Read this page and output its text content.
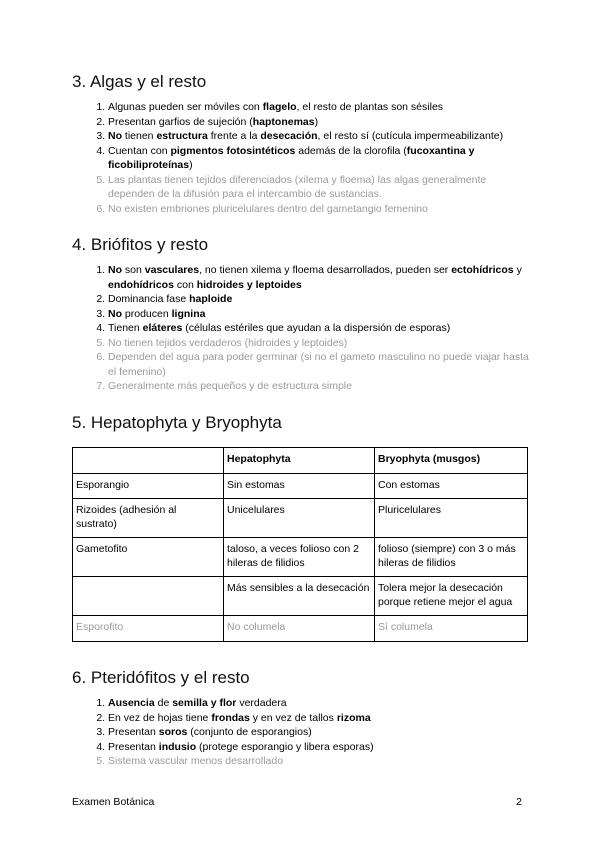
3. Algas y el resto
1. Algunas pueden ser móviles con flagelo, el resto de plantas son sésiles
2. Presentan garfios de sujeción (haptonemas)
3. No tienen estructura frente a la desecación, el resto sí (cutícula impermeabilizante)
4. Cuentan con pigmentos fotosintéticos además de la clorofila (fucoxantina y ficobiliproteínas)
5. Las plantas tienen tejidos diferenciados (xilema y floema) las algas generalmente dependen de la difusión para el intercambio de sustancias.
6. No existen embriones pluricelulares dentro del gametangio femenino
4. Briófitos y resto
1. No son vasculares, no tienen xilema y floema desarrollados, pueden ser ectohídricos y endohídricos con hidroides y leptoides
2. Dominancia fase haploide
3. No producen lignina
4. Tienen eláteres (células estériles que ayudan a la dispersión de esporas)
5. No tienen tejidos verdaderos (hidroides y leptoides)
6. Dependen del agua para poder germinar (si no el gameto masculino no puede viajar hasta el femenino)
7. Generalmente más pequeños y de estructura simple
5. Hepatophyta y Bryophyta
	Hepatophyta	Bryophyta (musgos)
Esporangio	Sin estomas	Con estomas
Rizoides (adhesión al sustrato)	Unicelulares	Pluricelulares
Gametofito	taloso, a veces folioso con 2 hileras de filidios	folioso (siempre) con 3 o más hileras de filidios
	Más sensibles a la desecación	Tolera mejor la desecación porque retiene mejor el agua
Esporofito	No columela	Sí columela
6. Pteridófitos y el resto
1. Ausencia de semilla y flor verdadera
2. En vez de hojas tiene frondas y en vez de tallos rizoma
3. Presentan soros (conjunto de esporangios)
4. Presentan indusio (protege esporangio y libera esporas)
5. Sistema vascular menos desarrollado
Examen Botánica	2
